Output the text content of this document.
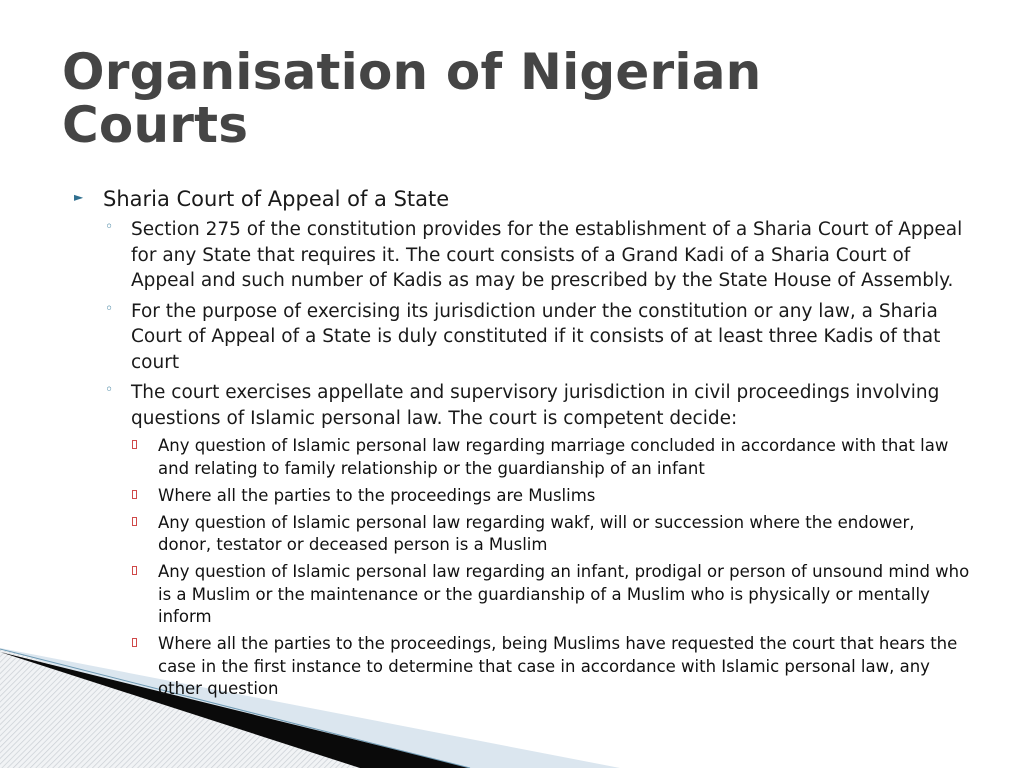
Organisation of Nigerian Courts
► Sharia Court of Appeal of a State
◦ Section 275 of the constitution provides for the establishment of a Sharia Court of Appeal for any State that requires it. The court consists of a Grand Kadi of a Sharia Court of Appeal and such number of Kadis as may be prescribed by the State House of Assembly.
◦ For the purpose of exercising its jurisdiction under the constitution or any law, a Sharia Court of Appeal of a State is duly constituted if it consists of at least three Kadis of that court
◦ The court exercises appellate and supervisory jurisdiction in civil proceedings involving questions of Islamic personal law. The court is competent decide:
Any question of Islamic personal law regarding marriage concluded in accordance with that law and relating to family relationship or the guardianship of an infant
Where all the parties to the proceedings are Muslims
Any question of Islamic personal law regarding wakf, will or succession where the endower, donor, testator or deceased person is a Muslim
Any question of Islamic personal law regarding an infant, prodigal or person of unsound mind who is a Muslim or the maintenance or the guardianship of a Muslim who is physically or mentally inform
Where all the parties to the proceedings, being Muslims have requested the court that hears the case in the first instance to determine that case in accordance with Islamic personal law, any other question
